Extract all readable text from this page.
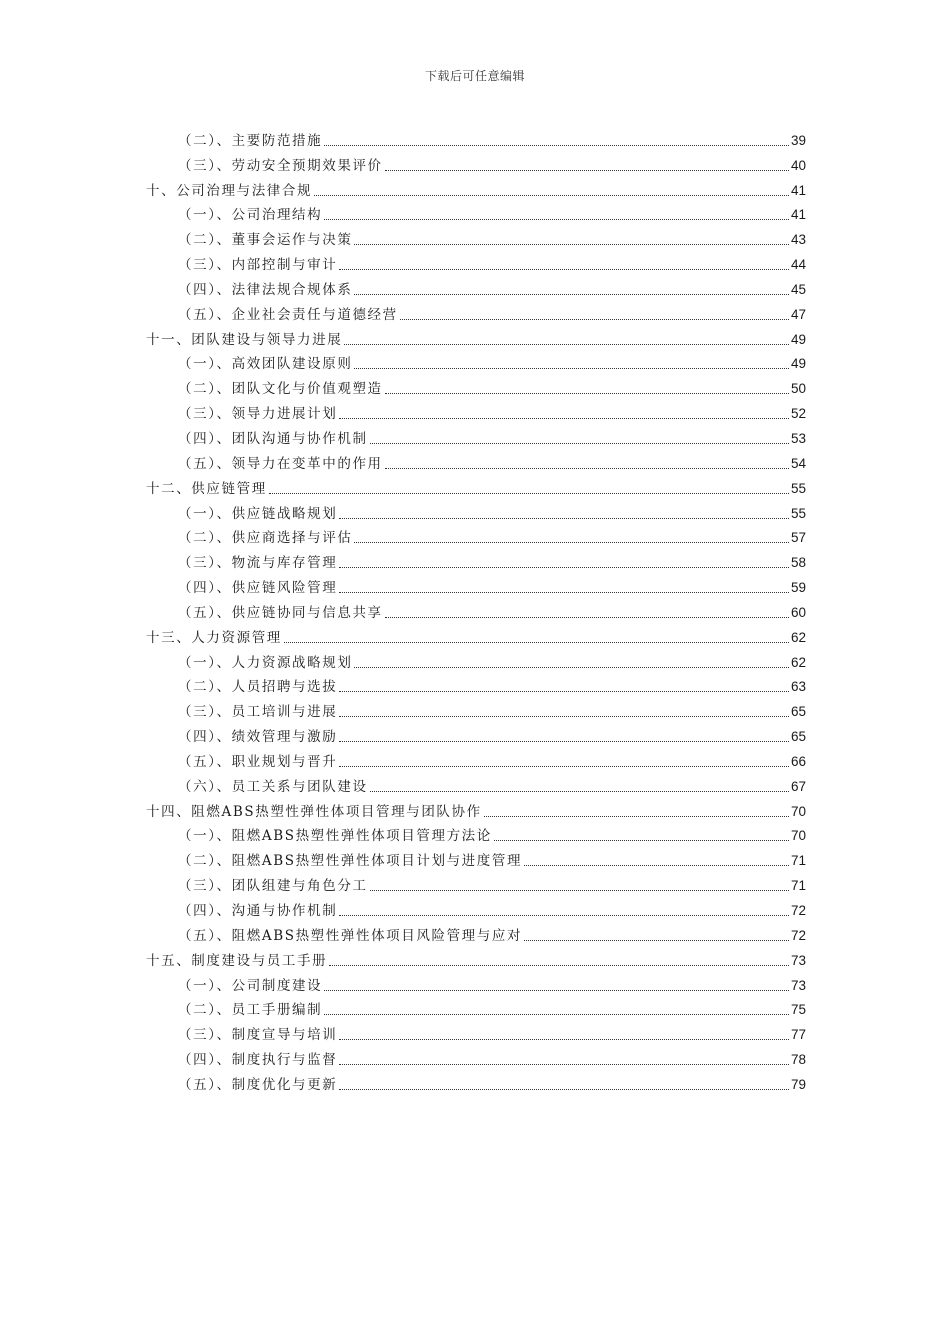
下载后可任意编辑
（二）、主要防范措施	39
（三）、劳动安全预期效果评价	40
十、公司治理与法律合规	41
（一）、公司治理结构	41
（二）、董事会运作与决策	43
（三）、内部控制与审计	44
（四）、法律法规合规体系	45
（五）、企业社会责任与道德经营	47
十一、团队建设与领导力进展	49
（一）、高效团队建设原则	49
（二）、团队文化与价值观塑造	50
（三）、领导力进展计划	52
（四）、团队沟通与协作机制	53
（五）、领导力在变革中的作用	54
十二、供应链管理	55
（一）、供应链战略规划	55
（二）、供应商选择与评估	57
（三）、物流与库存管理	58
（四）、供应链风险管理	59
（五）、供应链协同与信息共享	60
十三、人力资源管理	62
（一）、人力资源战略规划	62
（二）、人员招聘与选拔	63
（三）、员工培训与进展	65
（四）、绩效管理与激励	65
（五）、职业规划与晋升	66
（六）、员工关系与团队建设	67
十四、阻燃ABS热塑性弹性体项目管理与团队协作	70
（一）、阻燃ABS热塑性弹性体项目管理方法论	70
（二）、阻燃ABS热塑性弹性体项目计划与进度管理	71
（三）、团队组建与角色分工	71
（四）、沟通与协作机制	72
（五）、阻燃ABS热塑性弹性体项目风险管理与应对	72
十五、制度建设与员工手册	73
（一）、公司制度建设	73
（二）、员工手册编制	75
（三）、制度宣导与培训	77
（四）、制度执行与监督	78
（五）、制度优化与更新	79
